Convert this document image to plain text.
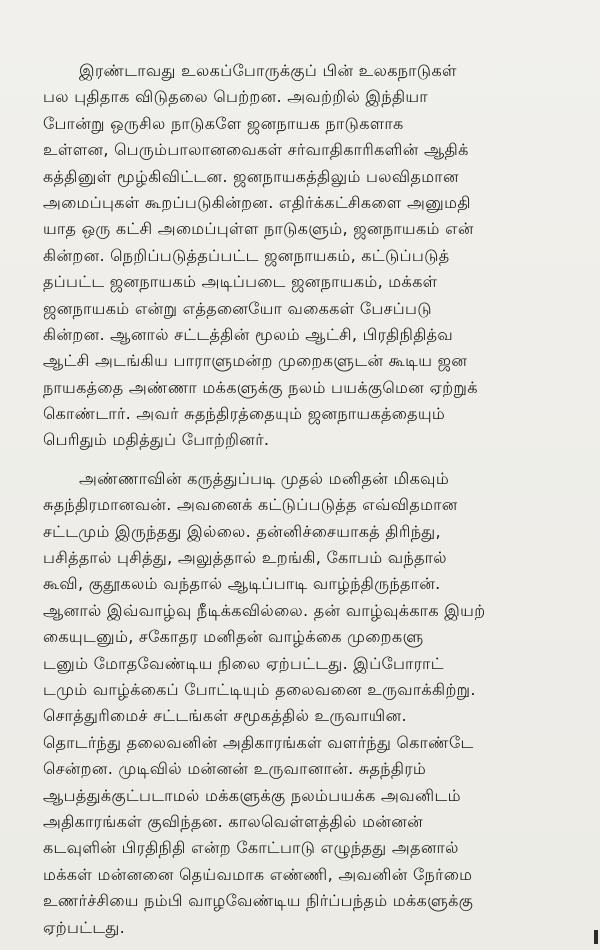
இரண்டாவது உலகப்போருக்குப் பின் உலகநாடுகள்
பல புதிதாக விடுதலை பெற்றன. அவற்றில் இந்தியா
போன்று ஒருசில நாடுகளே ஜனநாயக நாடுகளாக
உள்ளன, பெரும்பாலானவைகள் சர்வாதிகாரிகளின் ஆதிக்
கத்தினுள் மூழ்கிவிட்டன. ஜனநாயகத்திலும் பலவிதமான
அமைப்புகள் கூறப்படுகின்றன. எதிர்க்கட்சிகளை அனுமதி
யாத ஒரு கட்சி அமைப்புள்ள நாடுகளும், ஜனநாயகம் என்
கின்றன. நெறிப்படுத்தப்பட்ட ஜனநாயகம், கட்டுப்படுத்
தப்பட்ட ஜனநாயகம் அடிப்படை ஜனநாயகம், மக்கள்
ஜனநாயகம் என்று எத்தனையோ வகைகள் பேசப்படு
கின்றன. ஆனால் சட்டத்தின் மூலம் ஆட்சி, பிரதிநிதித்வ
ஆட்சி அடங்கிய பாராளுமன்ற முறைகளுடன் கூடிய ஜன
நாயகத்தை அண்ணா மக்களுக்கு நலம் பயக்குமென ஏற்றுக்
கொண்டார். அவர் சுதந்திரத்தையும் ஜனநாயகத்தையும்
பெரிதும் மதித்துப் போற்றினர்.
அண்ணாவின் கருத்துப்படி முதல் மனிதன் மிகவும்
சுதந்திரமானவன். அவனைக் கட்டுப்படுத்த எவ்விதமான
சட்டமும் இருந்தது இல்லை. தன்னிச்சையாகத் திரிந்து,
பசித்தால் புசித்து, அலுத்தால் உறங்கி, கோபம் வந்தால்
கூவி, குதூகலம் வந்தால் ஆடிப்பாடி வாழ்ந்திருந்தான்.
ஆனால் இவ்வாழ்வு நீடிக்கவில்லை. தன் வாழ்வுக்காக இயற்
கையுடனும், சகோதர மனிதன் வாழ்க்கை முறைகளு
டனும் மோதவேண்டிய நிலை ஏற்பட்டது. இப்போராட்
டமும் வாழ்க்கைப் போட்டியும் தலைவனை உருவாக்கிற்று.
சொத்துரிமைச் சட்டங்கள் சமூகத்தில் உருவாயின.
தொடர்ந்து தலைவனின் அதிகாரங்கள் வளர்ந்து கொண்டே
சென்றன. முடிவில் மன்னன் உருவானான். சுதந்திரம்
ஆபத்துக்குட்படாமல் மக்களுக்கு நலம்பயக்க அவனிடம்
அதிகாரங்கள் குவிந்தன. காலவெள்ளத்தில் மன்னன்
கடவுளின் பிரதிநிதி என்ற கோட்பாடு எழுந்தது அதனால்
மக்கள் மன்னனை தெய்வமாக எண்ணி, அவனின் நேர்மை
உணர்ச்சியை நம்பி வாழவேண்டிய நிர்ப்பந்தம் மக்களுக்கு
ஏற்பட்டது.
